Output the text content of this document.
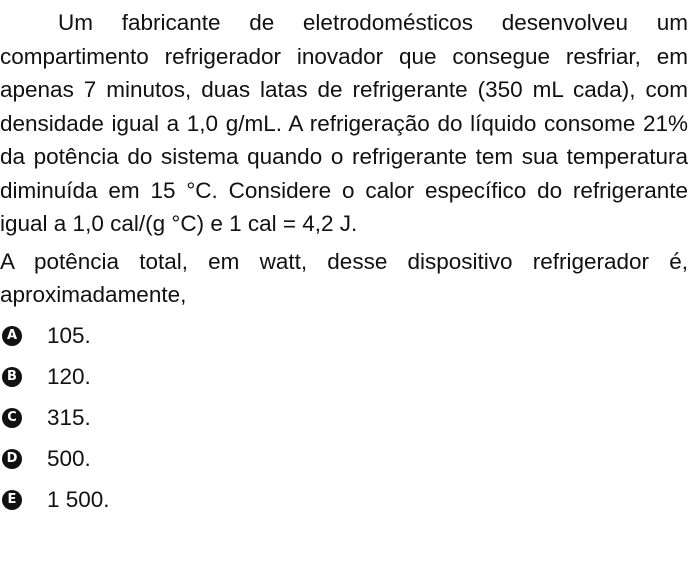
Um fabricante de eletrodomésticos desenvolveu um compartimento refrigerador inovador que consegue resfriar, em apenas 7 minutos, duas latas de refrigerante (350 mL cada), com densidade igual a 1,0 g/mL. A refrigeração do líquido consome 21% da potência do sistema quando o refrigerante tem sua temperatura diminuída em 15 °C. Considere o calor específico do refrigerante igual a 1,0 cal/(g °C) e 1 cal = 4,2 J.

A potência total, em watt, desse dispositivo refrigerador é, aproximadamente,

A 105.
B 120.
C 315.
D 500.
E 1 500.
